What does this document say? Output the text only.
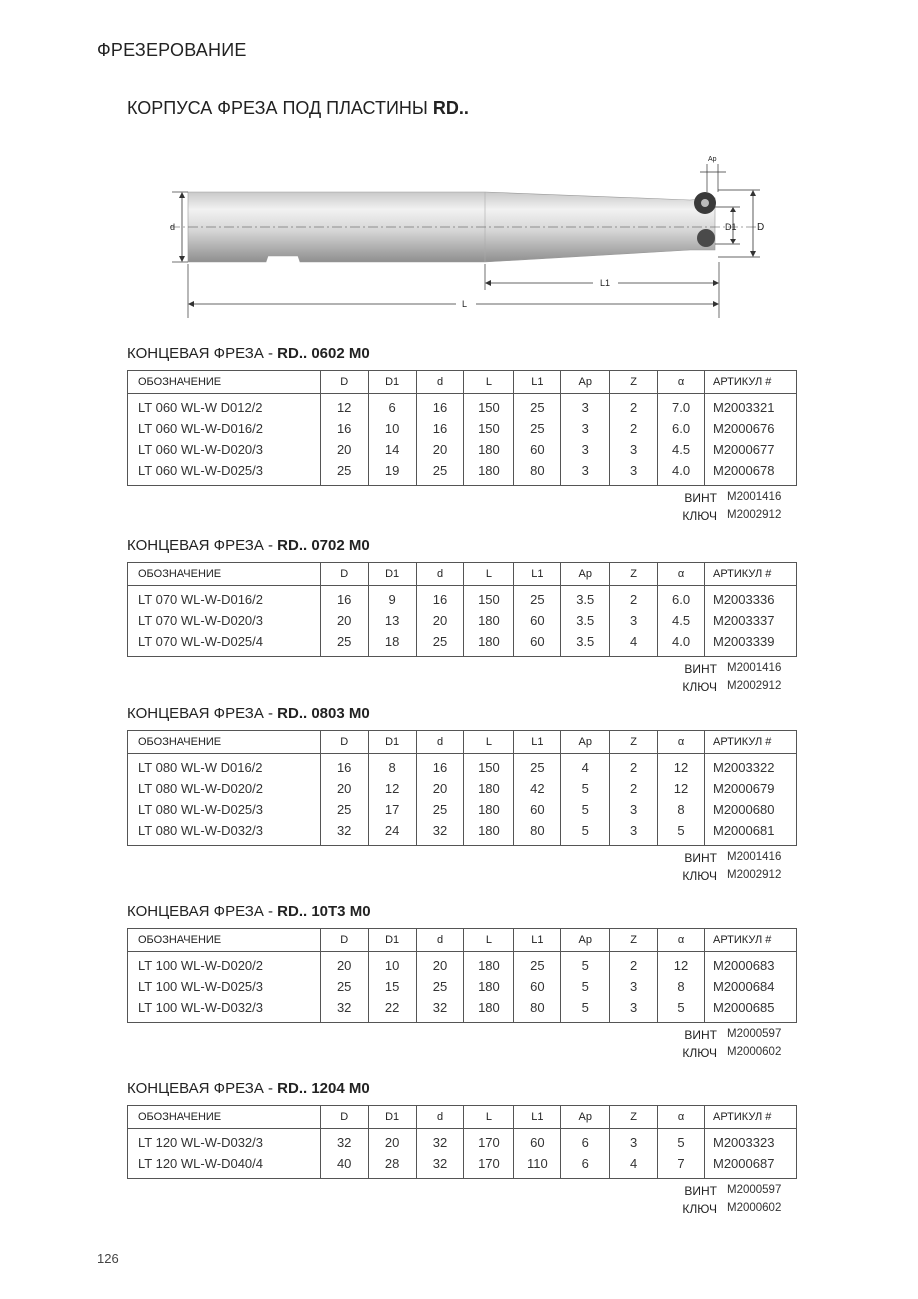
ФРЕЗЕРОВАНИЕ
КОРПУСА ФРЕЗА ПОД ПЛАСТИНЫ RD..
d
Ap
D1 D
L1
L
КОНЦЕВАЯ ФРЕЗА - RD.. 0602 M0
ОБОЗНАЧЕНИЕ	D	D1	d	L	L1	Ap	Z	α	АРТИКУЛ #
LT 060 WL-W D012/2	12	6	16	150	25	3	2	7.0	M2003321
LT 060 WL-W-D016/2	16	10	16	150	25	3	2	6.0	M2000676
LT 060 WL-W-D020/3	20	14	20	180	60	3	3	4.5	M2000677
LT 060 WL-W-D025/3	25	19	25	180	80	3	3	4.0	M2000678
ВИНТ M2001416
КЛЮЧ M2002912
КОНЦЕВАЯ ФРЕЗА - RD.. 0702 M0
ОБОЗНАЧЕНИЕ	D	D1	d	L	L1	Ap	Z	α	АРТИКУЛ #
LT 070 WL-W-D016/2	16	9	16	150	25	3.5	2	6.0	M2003336
LT 070 WL-W-D020/3	20	13	20	180	60	3.5	3	4.5	M2003337
LT 070 WL-W-D025/4	25	18	25	180	60	3.5	4	4.0	M2003339
ВИНТ M2001416
КЛЮЧ M2002912
КОНЦЕВАЯ ФРЕЗА - RD.. 0803 M0
ОБОЗНАЧЕНИЕ	D	D1	d	L	L1	Ap	Z	α	АРТИКУЛ #
LT 080 WL-W D016/2	16	8	16	150	25	4	2	12	M2003322
LT 080 WL-W-D020/2	20	12	20	180	42	5	2	12	M2000679
LT 080 WL-W-D025/3	25	17	25	180	60	5	3	8	M2000680
LT 080 WL-W-D032/3	32	24	32	180	80	5	3	5	M2000681
ВИНТ M2001416
КЛЮЧ M2002912
КОНЦЕВАЯ ФРЕЗА - RD.. 10T3 M0
ОБОЗНАЧЕНИЕ	D	D1	d	L	L1	Ap	Z	α	АРТИКУЛ #
LT 100 WL-W-D020/2	20	10	20	180	25	5	2	12	M2000683
LT 100 WL-W-D025/3	25	15	25	180	60	5	3	8	M2000684
LT 100 WL-W-D032/3	32	22	32	180	80	5	3	5	M2000685
ВИНТ M2000597
КЛЮЧ M2000602
КОНЦЕВАЯ ФРЕЗА - RD.. 1204 M0
ОБОЗНАЧЕНИЕ	D	D1	d	L	L1	Ap	Z	α	АРТИКУЛ #
LT 120 WL-W-D032/3	32	20	32	170	60	6	3	5	M2003323
LT 120 WL-W-D040/4	40	28	32	170	110	6	4	7	M2000687
ВИНТ M2000597
КЛЮЧ M2000602
126
